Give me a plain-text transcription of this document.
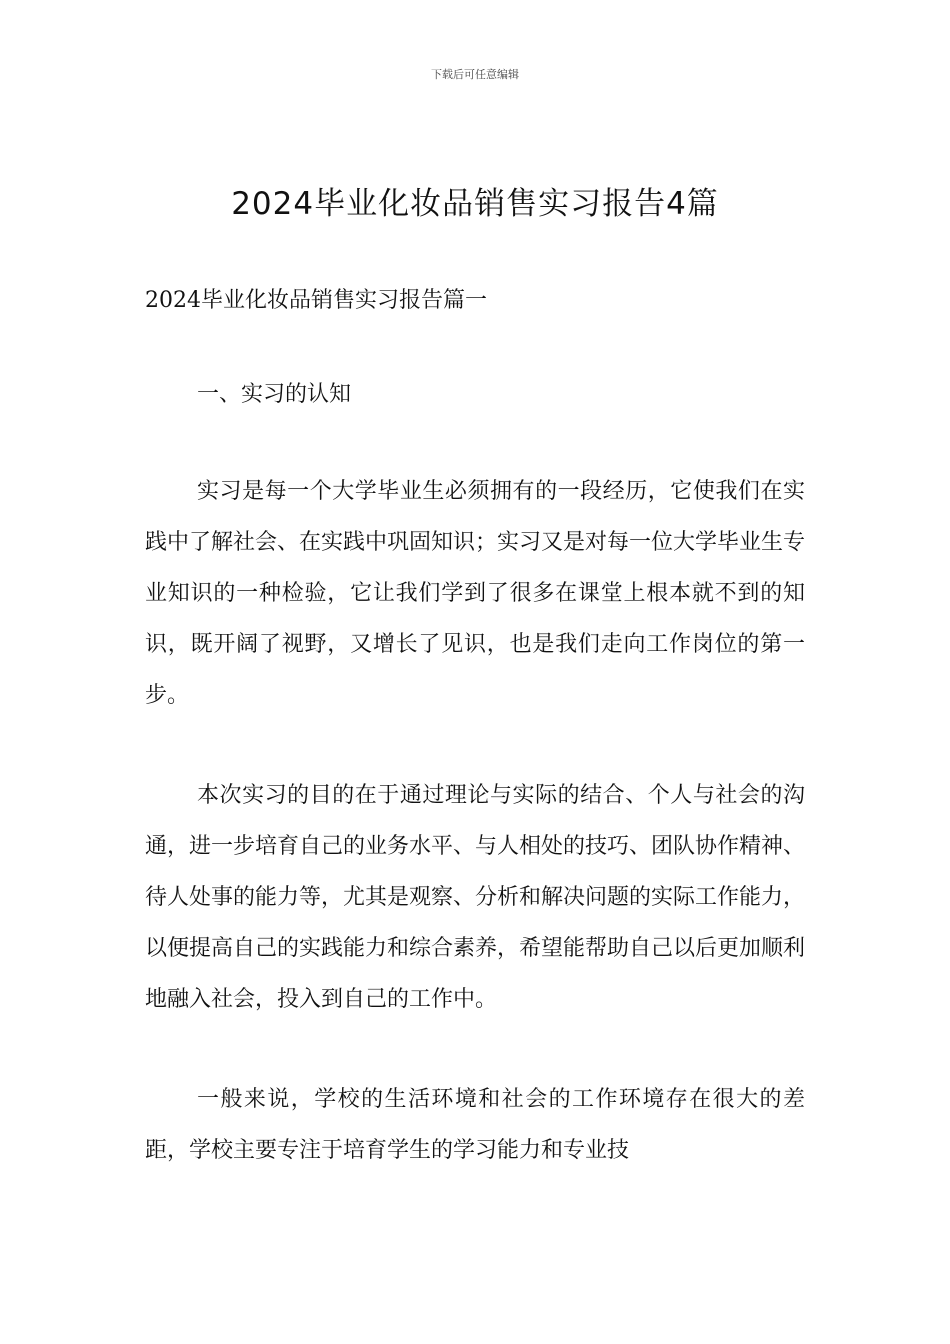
下载后可任意编辑
2024毕业化妆品销售实习报告4篇

2024毕业化妆品销售实习报告篇一

一、实习的认知

实习是每一个大学毕业生必须拥有的一段经历，它使我们在实践中了解社会、在实践中巩固知识；实习又是对每一位大学毕业生专业知识的一种检验，它让我们学到了很多在课堂上根本就不到的知识，既开阔了视野，又增长了见识，也是我们走向工作岗位的第一步。

本次实习的目的在于通过理论与实际的结合、个人与社会的沟通，进一步培育自己的业务水平、与人相处的技巧、团队协作精神、待人处事的能力等，尤其是观察、分析和解决问题的实际工作能力，以便提高自己的实践能力和综合素养，希望能帮助自己以后更加顺利地融入社会，投入到自己的工作中。

一般来说，学校的生活环境和社会的工作环境存在很大的差距，学校主要专注于培育学生的学习能力和专业技
